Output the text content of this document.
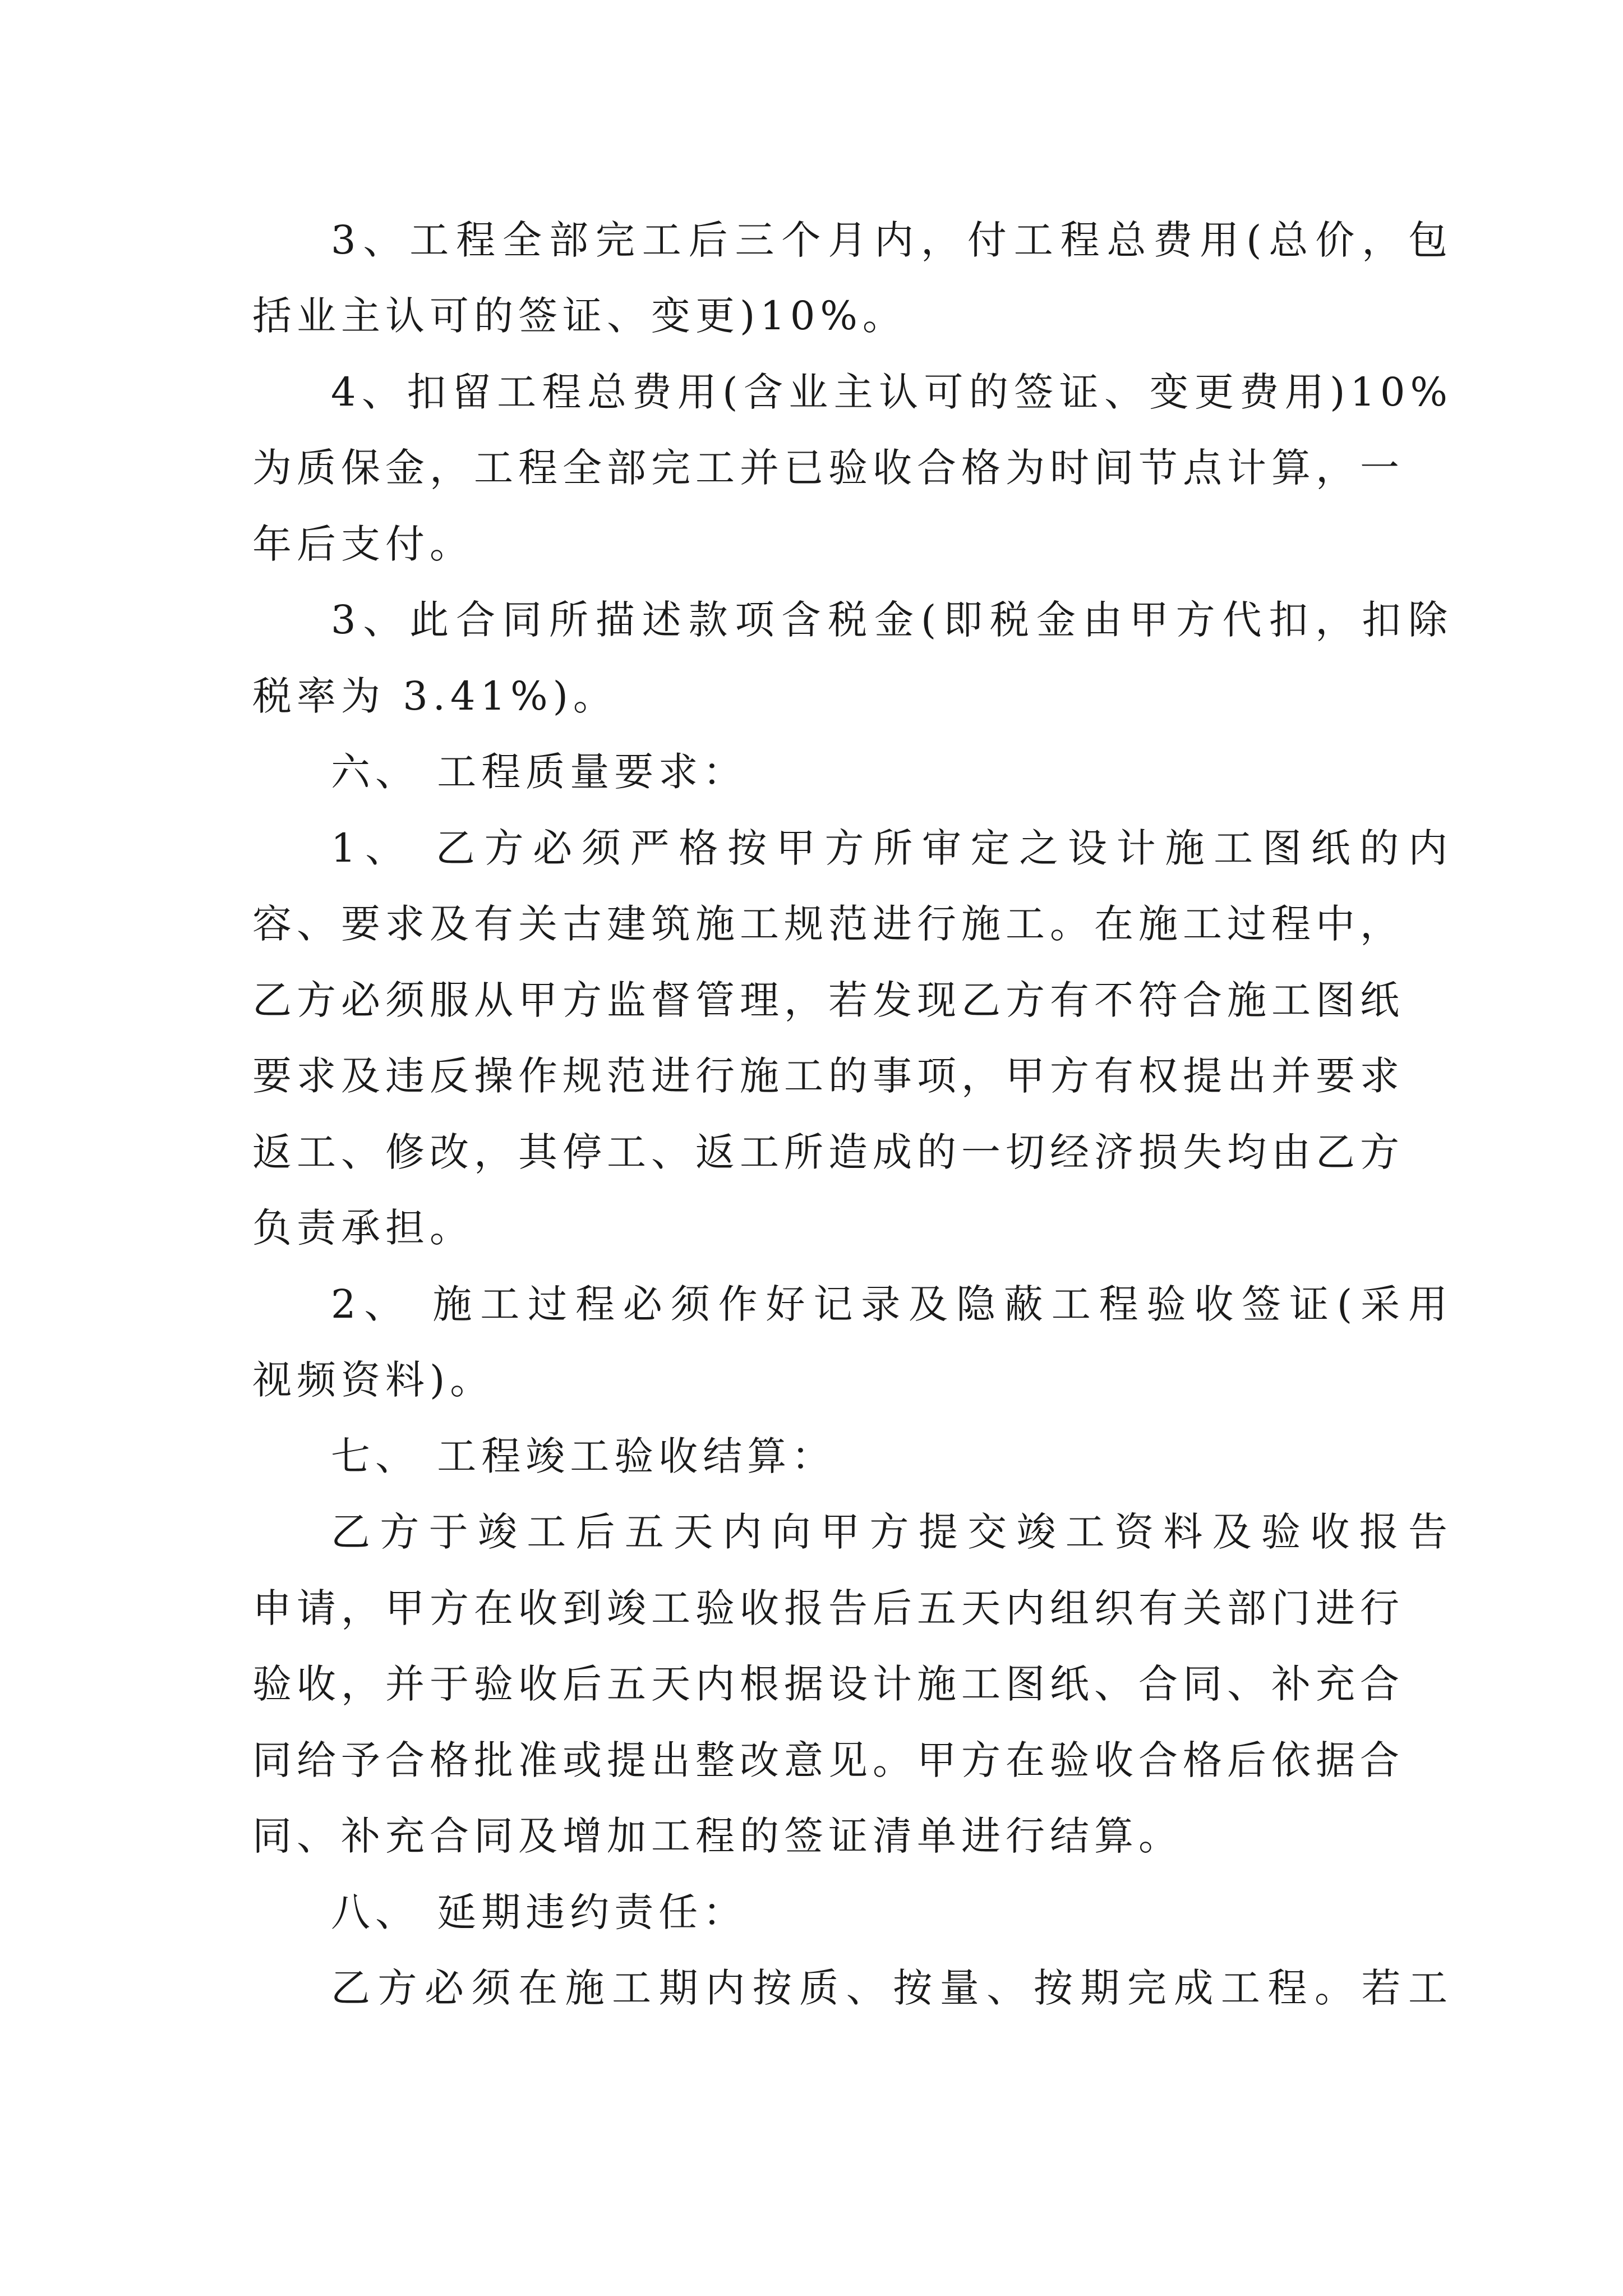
3、工程全部完工后三个月内，付工程总费用(总价，包
括业主认可的签证、变更)10%。
4、扣留工程总费用(含业主认可的签证、变更费用)10%
为质保金，工程全部完工并已验收合格为时间节点计算，一
年后支付。
3、此合同所描述款项含税金(即税金由甲方代扣，扣除
税率为 3.41%)。
六、 工程质量要求：
1、 乙方必须严格按甲方所审定之设计施工图纸的内
容、要求及有关古建筑施工规范进行施工。在施工过程中，
乙方必须服从甲方监督管理，若发现乙方有不符合施工图纸
要求及违反操作规范进行施工的事项，甲方有权提出并要求
返工、修改，其停工、返工所造成的一切经济损失均由乙方
负责承担。
2、 施工过程必须作好记录及隐蔽工程验收签证(采用
视频资料)。
七、 工程竣工验收结算：
乙方于竣工后五天内向甲方提交竣工资料及验收报告
申请，甲方在收到竣工验收报告后五天内组织有关部门进行
验收，并于验收后五天内根据设计施工图纸、合同、补充合
同给予合格批准或提出整改意见。甲方在验收合格后依据合
同、补充合同及增加工程的签证清单进行结算。
八、 延期违约责任：
乙方必须在施工期内按质、按量、按期完成工程。若工
